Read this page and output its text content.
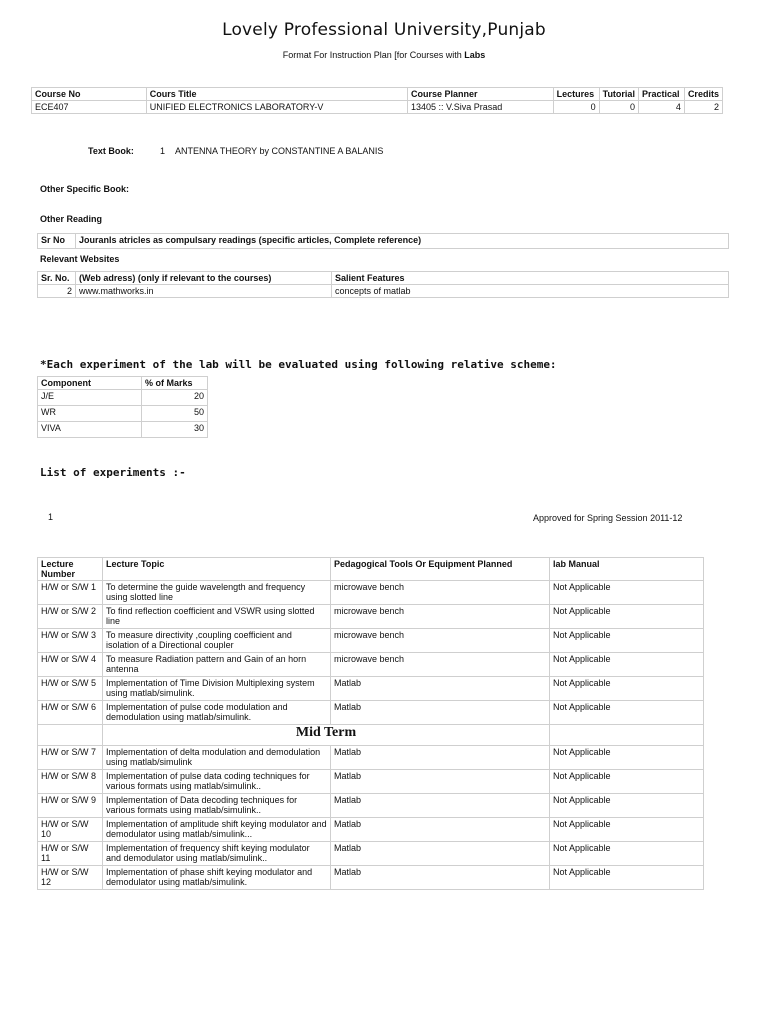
Lovely Professional University,Punjab
Format For Instruction Plan [for Courses with Labs
Course No	Cours Title	Course Planner	Lectures	Tutorial	Practical	Credits
ECE407	UNIFIED ELECTRONICS LABORATORY-V	13405 :: V.Siva Prasad	0	0	4	2
Text Book:	1 ANTENNA THEORY by CONSTANTINE A BALANIS
Other Specific Book:
Other Reading
Sr No	Jouranls atricles as compulsary readings (specific articles, Complete reference)
Relevant Websites
Sr. No.	(Web adress) (only if relevant to the courses)	Salient Features
2	www.mathworks.in	concepts of matlab
*Each experiment of the lab will be evaluated using following relative scheme:
Component	% of Marks
J/E	20
WR	50
VIVA	30
List of experiments :-
1	Approved for Spring Session 2011-12
Lecture Number	Lecture Topic	Pedagogical Tools Or Equipment Planned	lab Manual
H/W or S/W 1	To determine the guide wavelength and frequency using slotted line	microwave bench	Not Applicable
H/W or S/W 2	To find reflection coefficient and VSWR using slotted line	microwave bench	Not Applicable
H/W or S/W 3	To measure directivity ,coupling coefficient and isolation of a Directional coupler	microwave bench	Not Applicable
H/W or S/W 4	To measure Radiation pattern and Gain of an horn antenna	microwave bench	Not Applicable
H/W or S/W 5	Implementation of Time Division Multiplexing system using matlab/simulink.	Matlab	Not Applicable
H/W or S/W 6	Implementation of pulse code modulation and demodulation using matlab/simulink.	Matlab	Not Applicable
	Mid Term		
H/W or S/W 7	Implementation of delta modulation and demodulation using matlab/simulink	Matlab	Not Applicable
H/W or S/W 8	Implementation of pulse data coding techniques for various formats using matlab/simulink..	Matlab	Not Applicable
H/W or S/W 9	Implementation of Data decoding techniques for various formats using matlab/simulink..	Matlab	Not Applicable
H/W or S/W 10	Implementation of amplitude shift keying modulator and demodulator using matlab/simulink...	Matlab	Not Applicable
H/W or S/W 11	Implementation of frequency shift keying modulator and demodulator using matlab/simulink..	Matlab	Not Applicable
H/W or S/W 12	Implementation of phase shift keying modulator and demodulator using matlab/simulink.	Matlab	Not Applicable
